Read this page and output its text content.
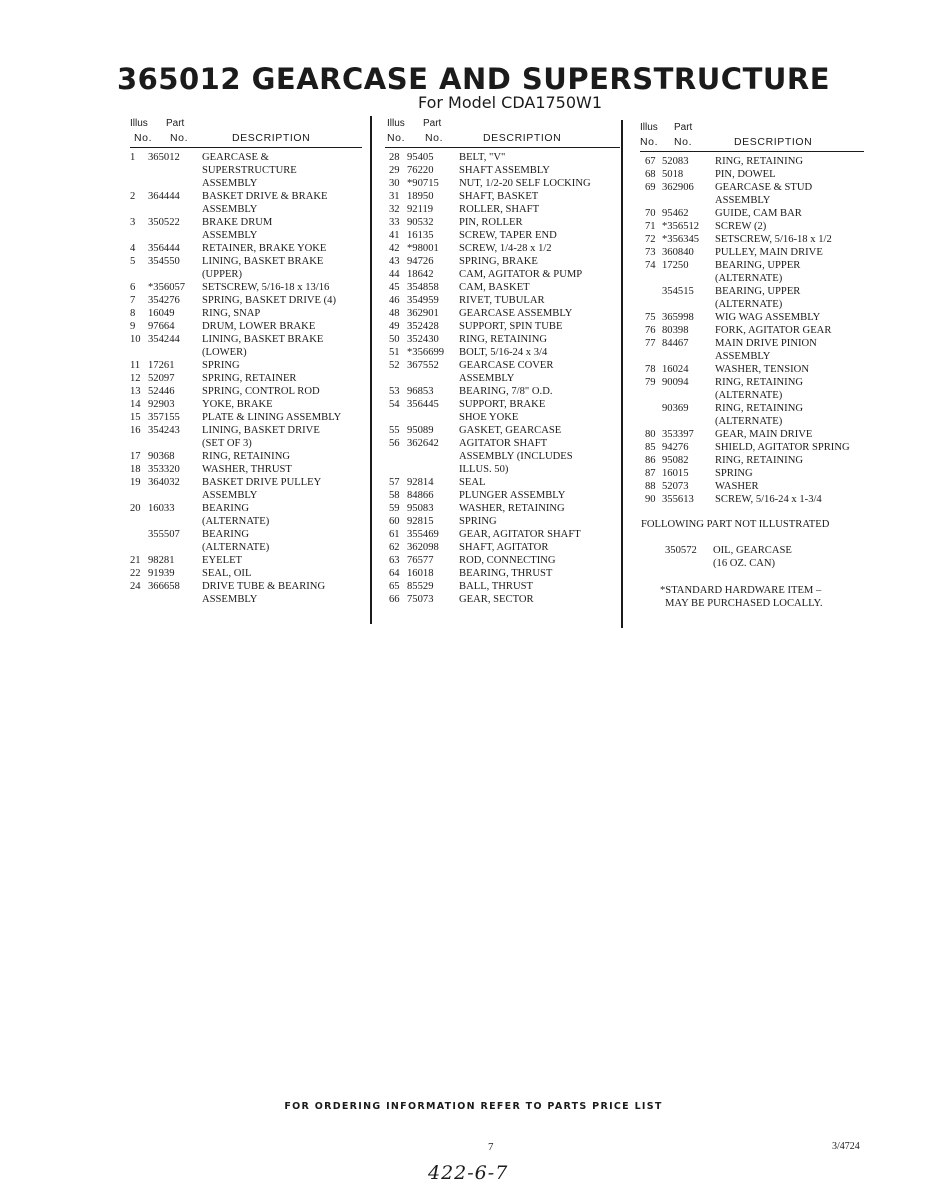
365012 GEARCASE AND SUPERSTRUCTURE
For Model CDA1750W1
Illus Part
No. No.	DESCRIPTION
1 365012 GEARCASE &
SUPERSTRUCTURE
ASSEMBLY
2 364444 BASKET DRIVE & BRAKE
ASSEMBLY
3 350522 BRAKE DRUM
ASSEMBLY
4 356444 RETAINER, BRAKE YOKE
5 354550 LINING, BASKET BRAKE
(UPPER)
6 *356057 SETSCREW, 5/16-18 x 13/16
7 354276 SPRING, BASKET DRIVE (4)
8 16049	RING, SNAP
9 97664	DRUM, LOWER BRAKE
10 354244 LINING, BASKET BRAKE
(LOWER)
11 17261	SPRING
12 52097	SPRING, RETAINER
13 52446	SPRING, CONTROL ROD
14 92903	YOKE, BRAKE
15 357155 PLATE & LINING ASSEMBLY
16 354243 LINING, BASKET DRIVE
(SET OF 3)
17 90368	RING, RETAINING
18 353320 WASHER, THRUST
19 364032 BASKET DRIVE PULLEY
ASSEMBLY
20 16033	BEARING
(ALTERNATE)
355507 BEARING
(ALTERNATE)
21 98281	EYELET
22 91939	SEAL, OIL
24 366658 DRIVE TUBE & BEARING
ASSEMBLY
Illus Part
No. No.	DESCRIPTION
28 95405 BELT, "V"
29 76220 SHAFT ASSEMBLY
30 *90715 NUT, 1/2-20 SELF LOCKING
31 18950 SHAFT, BASKET
32 92119 ROLLER, SHAFT
33 90532 PIN, ROLLER
41 16135 SCREW, TAPER END
42 *98001 SCREW, 1/4-28 x 1/2
43 94726 SPRING, BRAKE
44 18642 CAM, AGITATOR & PUMP
45 354858 CAM, BASKET
46 354959 RIVET, TUBULAR
48 362901 GEARCASE ASSEMBLY
49 352428 SUPPORT, SPIN TUBE
50 352430 RING, RETAINING
51 *356699 BOLT, 5/16-24 x 3/4
52 367552 GEARCASE COVER
ASSEMBLY
53 96853 BEARING, 7/8" O.D.
54 356445 SUPPORT, BRAKE
SHOE YOKE
55 95089 GASKET, GEARCASE
56 362642 AGITATOR SHAFT
ASSEMBLY (INCLUDES
ILLUS. 50)
57 92814 SEAL
58 84866 PLUNGER ASSEMBLY
59 95083 WASHER, RETAINING
60 92815 SPRING
61 355469 GEAR, AGITATOR SHAFT
62 362098 SHAFT, AGITATOR
63 76577 ROD, CONNECTING
64 16018 BEARING, THRUST
65 85529 BALL, THRUST
66 75073 GEAR, SECTOR
Illus Part
No. No.	DESCRIPTION
67 52083	RING, RETAINING
68 5018	PIN, DOWEL
69 362906 GEARCASE & STUD
ASSEMBLY
70 95462	GUIDE, CAM BAR
71 *356512 SCREW (2)
72 *356345 SETSCREW, 5/16-18 x 1/2
73 360840 PULLEY, MAIN DRIVE
74 17250	BEARING, UPPER
(ALTERNATE)
354515 BEARING, UPPER
(ALTERNATE)
75 365998 WIG WAG ASSEMBLY
76 80398	FORK, AGITATOR GEAR
77 84467	MAIN DRIVE PINION
ASSEMBLY
78 16024	WASHER, TENSION
79 90094	RING, RETAINING
(ALTERNATE)
90369	RING, RETAINING
(ALTERNATE)
80 353397 GEAR, MAIN DRIVE
85 94276	SHIELD, AGITATOR SPRING
86 95082	RING, RETAINING
87 16015	SPRING
88 52073	WASHER
90 355613 SCREW, 5/16-24 x 1-3/4
FOLLOWING PART NOT ILLUSTRATED
350572 OIL, GEARCASE
(16 OZ. CAN)
*STANDARD HARDWARE ITEM –
MAY BE PURCHASED LOCALLY.
FOR ORDERING INFORMATION REFER TO PARTS PRICE LIST
7	3/4724
422-6-7
